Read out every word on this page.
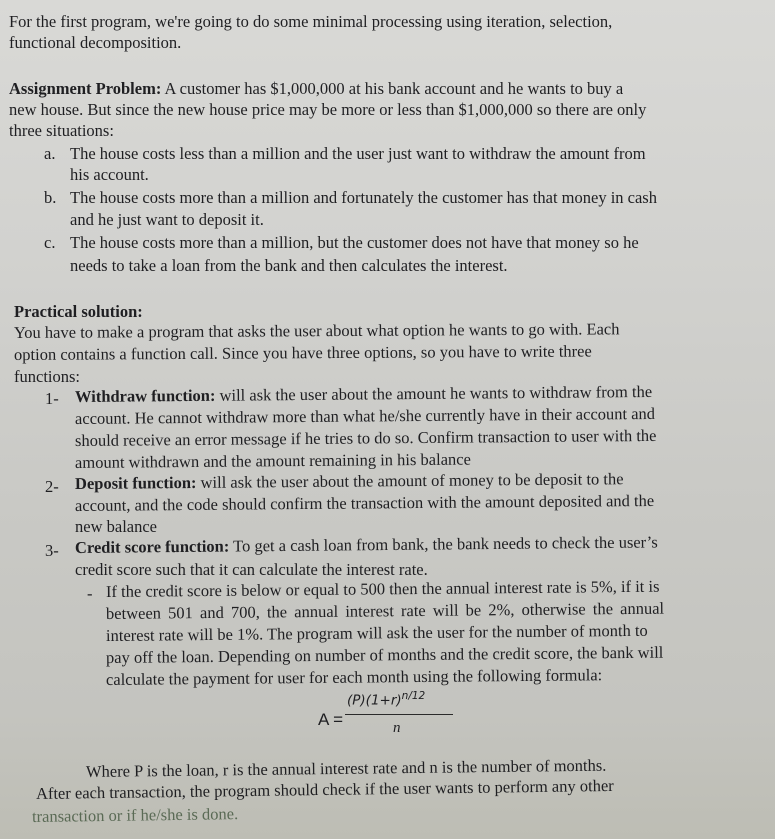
For the first program, we're going to do some minimal processing using iteration, selection,
functional decomposition.
Assignment Problem: A customer has $1,000,000 at his bank account and he wants to buy a
new house. But since the new house price may be more or less than $1,000,000 so there are only
three situations:
a. The house costs less than a million and the user just want to withdraw the amount from
his account.
b. The house costs more than a million and fortunately the customer has that money in cash
and he just want to deposit it.
c. The house costs more than a million, but the customer does not have that money so he
needs to take a loan from the bank and then calculates the interest.
Practical solution:
You have to make a program that asks the user about what option he wants to go with. Each
option contains a function call. Since you have three options, so you have to write three
functions:
1- Withdraw function: will ask the user about the amount he wants to withdraw from the
account. He cannot withdraw more than what he/she currently have in their account and
should receive an error message if he tries to do so. Confirm transaction to user with the
amount withdrawn and the amount remaining in his balance
2- Deposit function: will ask the user about the amount of money to be deposit to the
account, and the code should confirm the transaction with the amount deposited and the
new balance
3- Credit score function: To get a cash loan from bank, the bank needs to check the user’s
credit score such that it can calculate the interest rate.
- If the credit score is below or equal to 500 then the annual interest rate is 5%, if it is
between 501 and 700, the annual interest rate will be 2%, otherwise the annual
interest rate will be 1%. The program will ask the user for the number of month to
pay off the loan. Depending on number of months and the credit score, the bank will
calculate the payment for user for each month using the following formula:
A =
$(P)(1+r)^{n/12}$
n
Where P is the loan, r is the annual interest rate and n is the number of months.
After each transaction, the program should check if the user wants to perform any other
transaction or if he/she is done.
